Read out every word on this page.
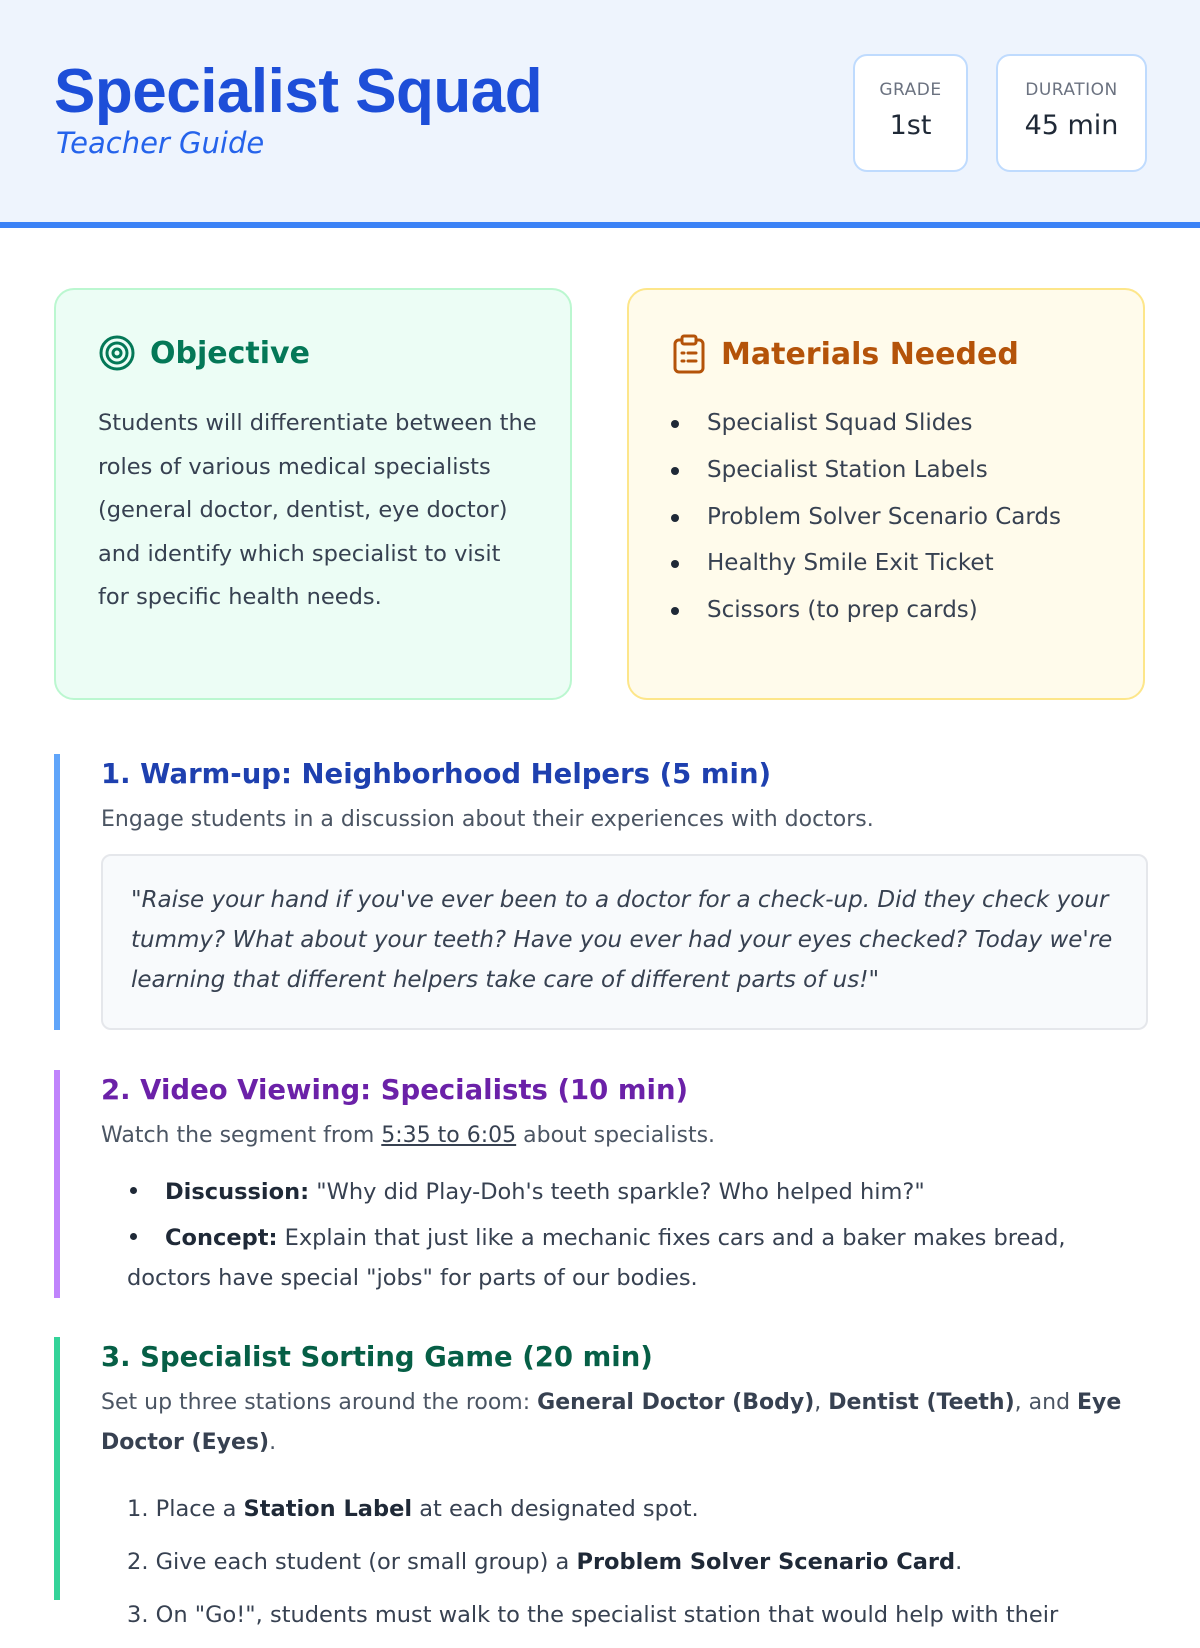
Specialist Squad
Teacher Guide
GRADE
1st
DURATION
45 min
Objective

Students will differentiate between the roles of various medical specialists (general doctor, dentist, eye doctor) and identify which specialist to visit for specific health needs.

Materials Needed
Specialist Squad Slides
Specialist Station Labels
Problem Solver Scenario Cards
Healthy Smile Exit Ticket
Scissors (to prep cards)
1. Warm-up: Neighborhood Helpers (5 min)
Engage students in a discussion about their experiences with doctors.
"Raise your hand if you've ever been to a doctor for a check-up. Did they check your tummy? What about your teeth? Have you ever had your eyes checked? Today we're learning that different helpers take care of different parts of us!"
2. Video Viewing: Specialists (10 min)
Watch the segment from 5:35 to 6:05 about specialists.
Discussion: "Why did Play-Doh's teeth sparkle? Who helped him?"
Concept: Explain that just like a mechanic fixes cars and a baker makes bread, doctors have special "jobs" for parts of our bodies.
3. Specialist Sorting Game (20 min)
Set up three stations around the room: General Doctor (Body), Dentist (Teeth), and Eye Doctor (Eyes).
1. Place a Station Label at each designated spot.
2. Give each student (or small group) a Problem Solver Scenario Card.
3. On "Go!", students must walk to the specialist station that would help with their
